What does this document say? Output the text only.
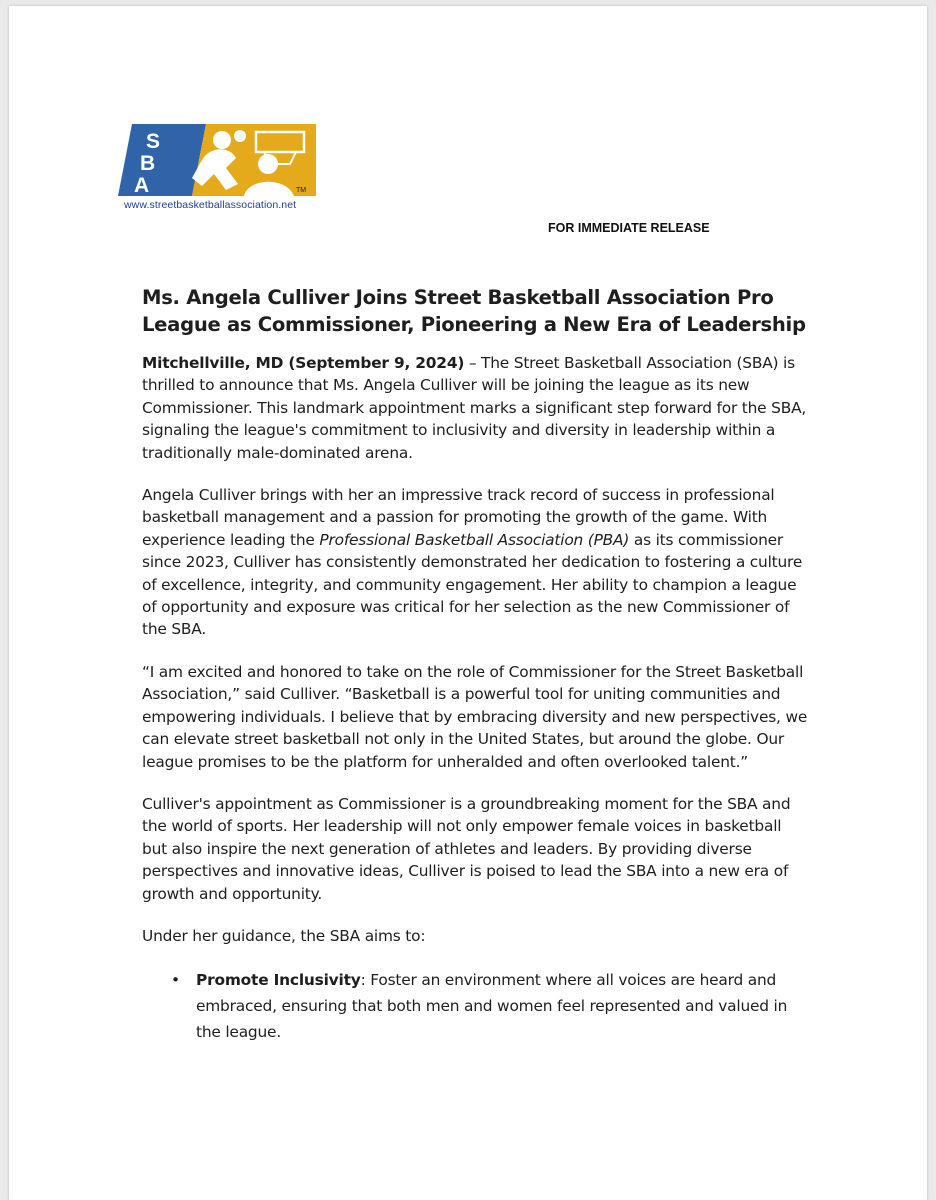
S
B
A	TM
www.streetbasketballassociation.net
FOR IMMEDIATE RELEASE
Ms. Angela Culliver Joins Street Basketball Association Pro League as Commissioner, Pioneering a New Era of Leadership

Mitchellville, MD (September 9, 2024) – The Street Basketball Association (SBA) is thrilled to announce that Ms. Angela Culliver will be joining the league as its new Commissioner. This landmark appointment marks a significant step forward for the SBA, signaling the league's commitment to inclusivity and diversity in leadership within a traditionally male-dominated arena.

Angela Culliver brings with her an impressive track record of success in professional basketball management and a passion for promoting the growth of the game. With experience leading the Professional Basketball Association (PBA) as its commissioner since 2023, Culliver has consistently demonstrated her dedication to fostering a culture of excellence, integrity, and community engagement. Her ability to champion a league of opportunity and exposure was critical for her selection as the new Commissioner of the SBA.

“I am excited and honored to take on the role of Commissioner for the Street Basketball Association,” said Culliver. “Basketball is a powerful tool for uniting communities and empowering individuals. I believe that by embracing diversity and new perspectives, we can elevate street basketball not only in the United States, but around the globe. Our league promises to be the platform for unheralded and often overlooked talent.”

Culliver's appointment as Commissioner is a groundbreaking moment for the SBA and the world of sports. Her leadership will not only empower female voices in basketball but also inspire the next generation of athletes and leaders. By providing diverse perspectives and innovative ideas, Culliver is poised to lead the SBA into a new era of growth and opportunity.

Under her guidance, the SBA aims to:

• Promote Inclusivity: Foster an environment where all voices are heard and embraced, ensuring that both men and women feel represented and valued in the league.
